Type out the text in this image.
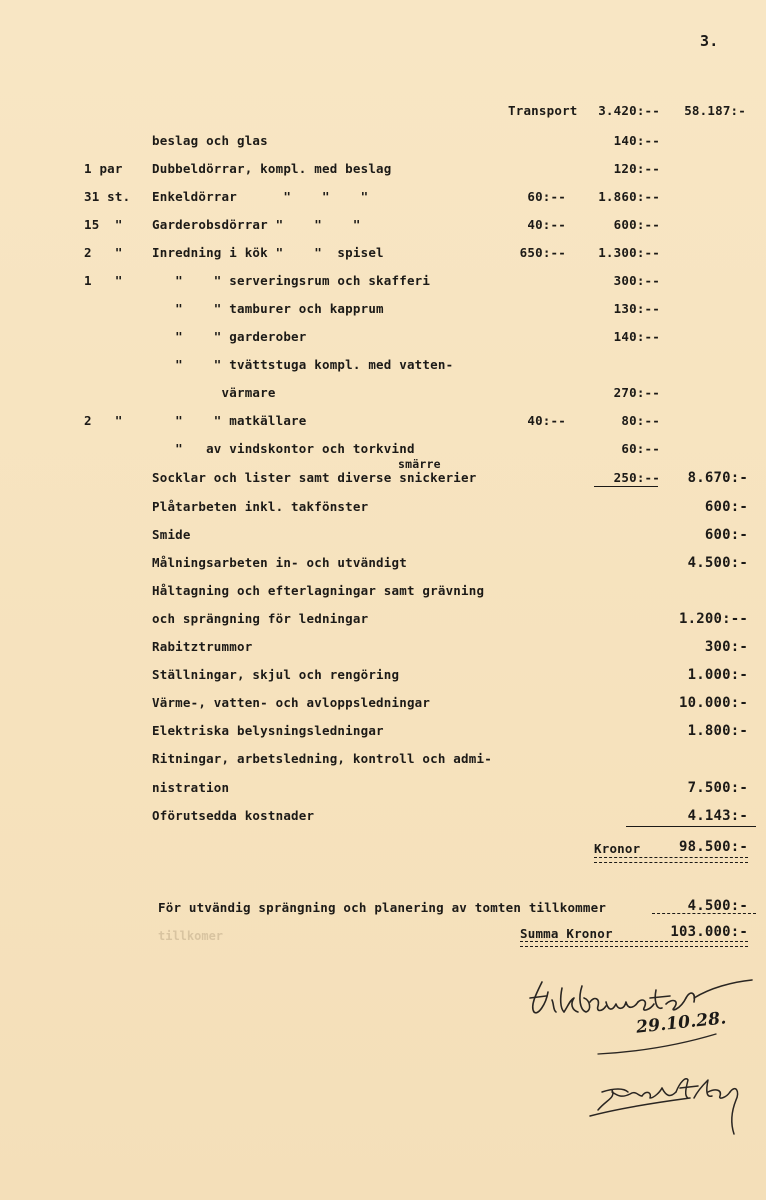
3.
Transport 3.420:-- 58.187:-
beslag och glas	140:--
1 par Dubbeldörrar, kompl. med beslag	120:--
31 st. Enkeldörrar      "    "    "	60:--	1.860:--
15  " Garderobsdörrar "    "    "	40:--	600:--
2   " Inredning i kök "    "  spisel	650:--	1.300:--
1   " "    " serveringsrum och skafferi	300:--
"    " tamburer och kapprum	130:--
"    " garderober	140:--
"    " tvättstuga kompl. med vatten-
värmare	270:--
2   " "    " matkällare	40:--	80:--
"   av vindskontor och torkvind	60:--
Socklar och lister samt diverse snickerier	250:-- 8.670:-
Plåtarbeten inkl. takfönster	600:-
Smide	600:-
Målningsarbeten in- och utvändigt	4.500:-
Håltagning och efterlagningar samt grävning
och sprängning för ledningar	1.200:--
Rabitztrummor	300:-
Ställningar, skjul och rengöring	1.000:-
Värme-, vatten- och avloppsledningar	10.000:-
Elektriska belysningsledningar	1.800:-
Ritningar, arbetsledning, kontroll och admi-
nistration	7.500:-
Oförutsedda kostnader	4.143:-
smärre
Kronor	98.500:-
För utvändig sprängning och planering av tomten tillkommer	4.500:-
tillkomer	Summa Kronor	103.000:-
29.10.28.
